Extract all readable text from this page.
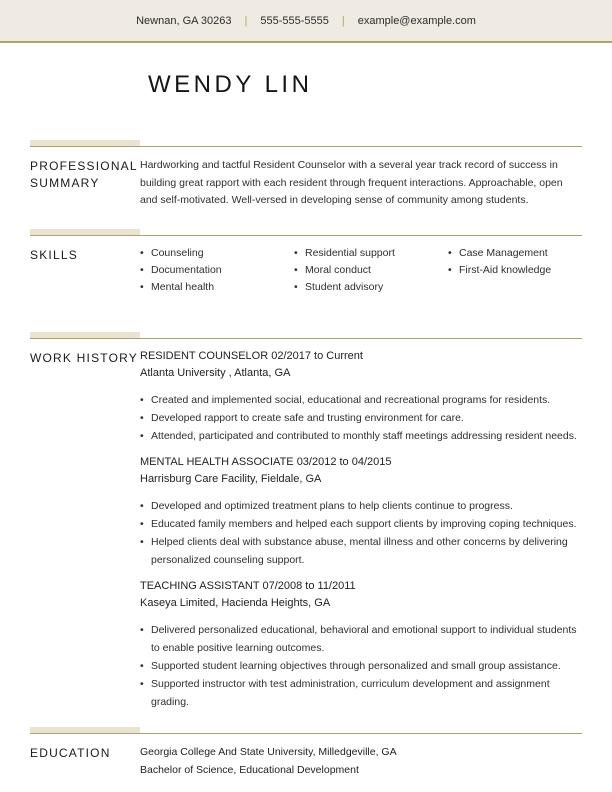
Newnan, GA 30263 | 555-555-5555 | example@example.com
WENDY LIN
PROFESSIONAL SUMMARY

Hardworking and tactful Resident Counselor with a several year track record of success in building great rapport with each resident through frequent interactions. Approachable, open and self-motivated. Well-versed in developing sense of community among students.

SKILLS	• Counseling
• Documentation
• Mental health
• Residential support
• Moral conduct
• Student advisory
• Case Management
• First-Aid knowledge
WORK HISTORY RESIDENT COUNSELOR 02/2017 to Current
Atlanta University , Atlanta, GA
• Created and implemented social, educational and recreational programs for residents.
• Developed rapport to create safe and trusting environment for care.
• Attended, participated and contributed to monthly staff meetings addressing resident needs.
MENTAL HEALTH ASSOCIATE 03/2012 to 04/2015
Harrisburg Care Facility, Fieldale, GA
• Developed and optimized treatment plans to help clients continue to progress.
• Educated family members and helped each support clients by improving coping techniques.
• Helped clients deal with substance abuse, mental illness and other concerns by delivering personalized counseling support.
TEACHING ASSISTANT 07/2008 to 11/2011
Kaseya Limited, Hacienda Heights, GA
• Delivered personalized educational, behavioral and emotional support to individual students to enable positive learning outcomes.
• Supported student learning objectives through personalized and small group assistance.
• Supported instructor with test administration, curriculum development and assignment grading.
EDUCATION	Georgia College And State University, Milledgeville, GA
Bachelor of Science, Educational Development
